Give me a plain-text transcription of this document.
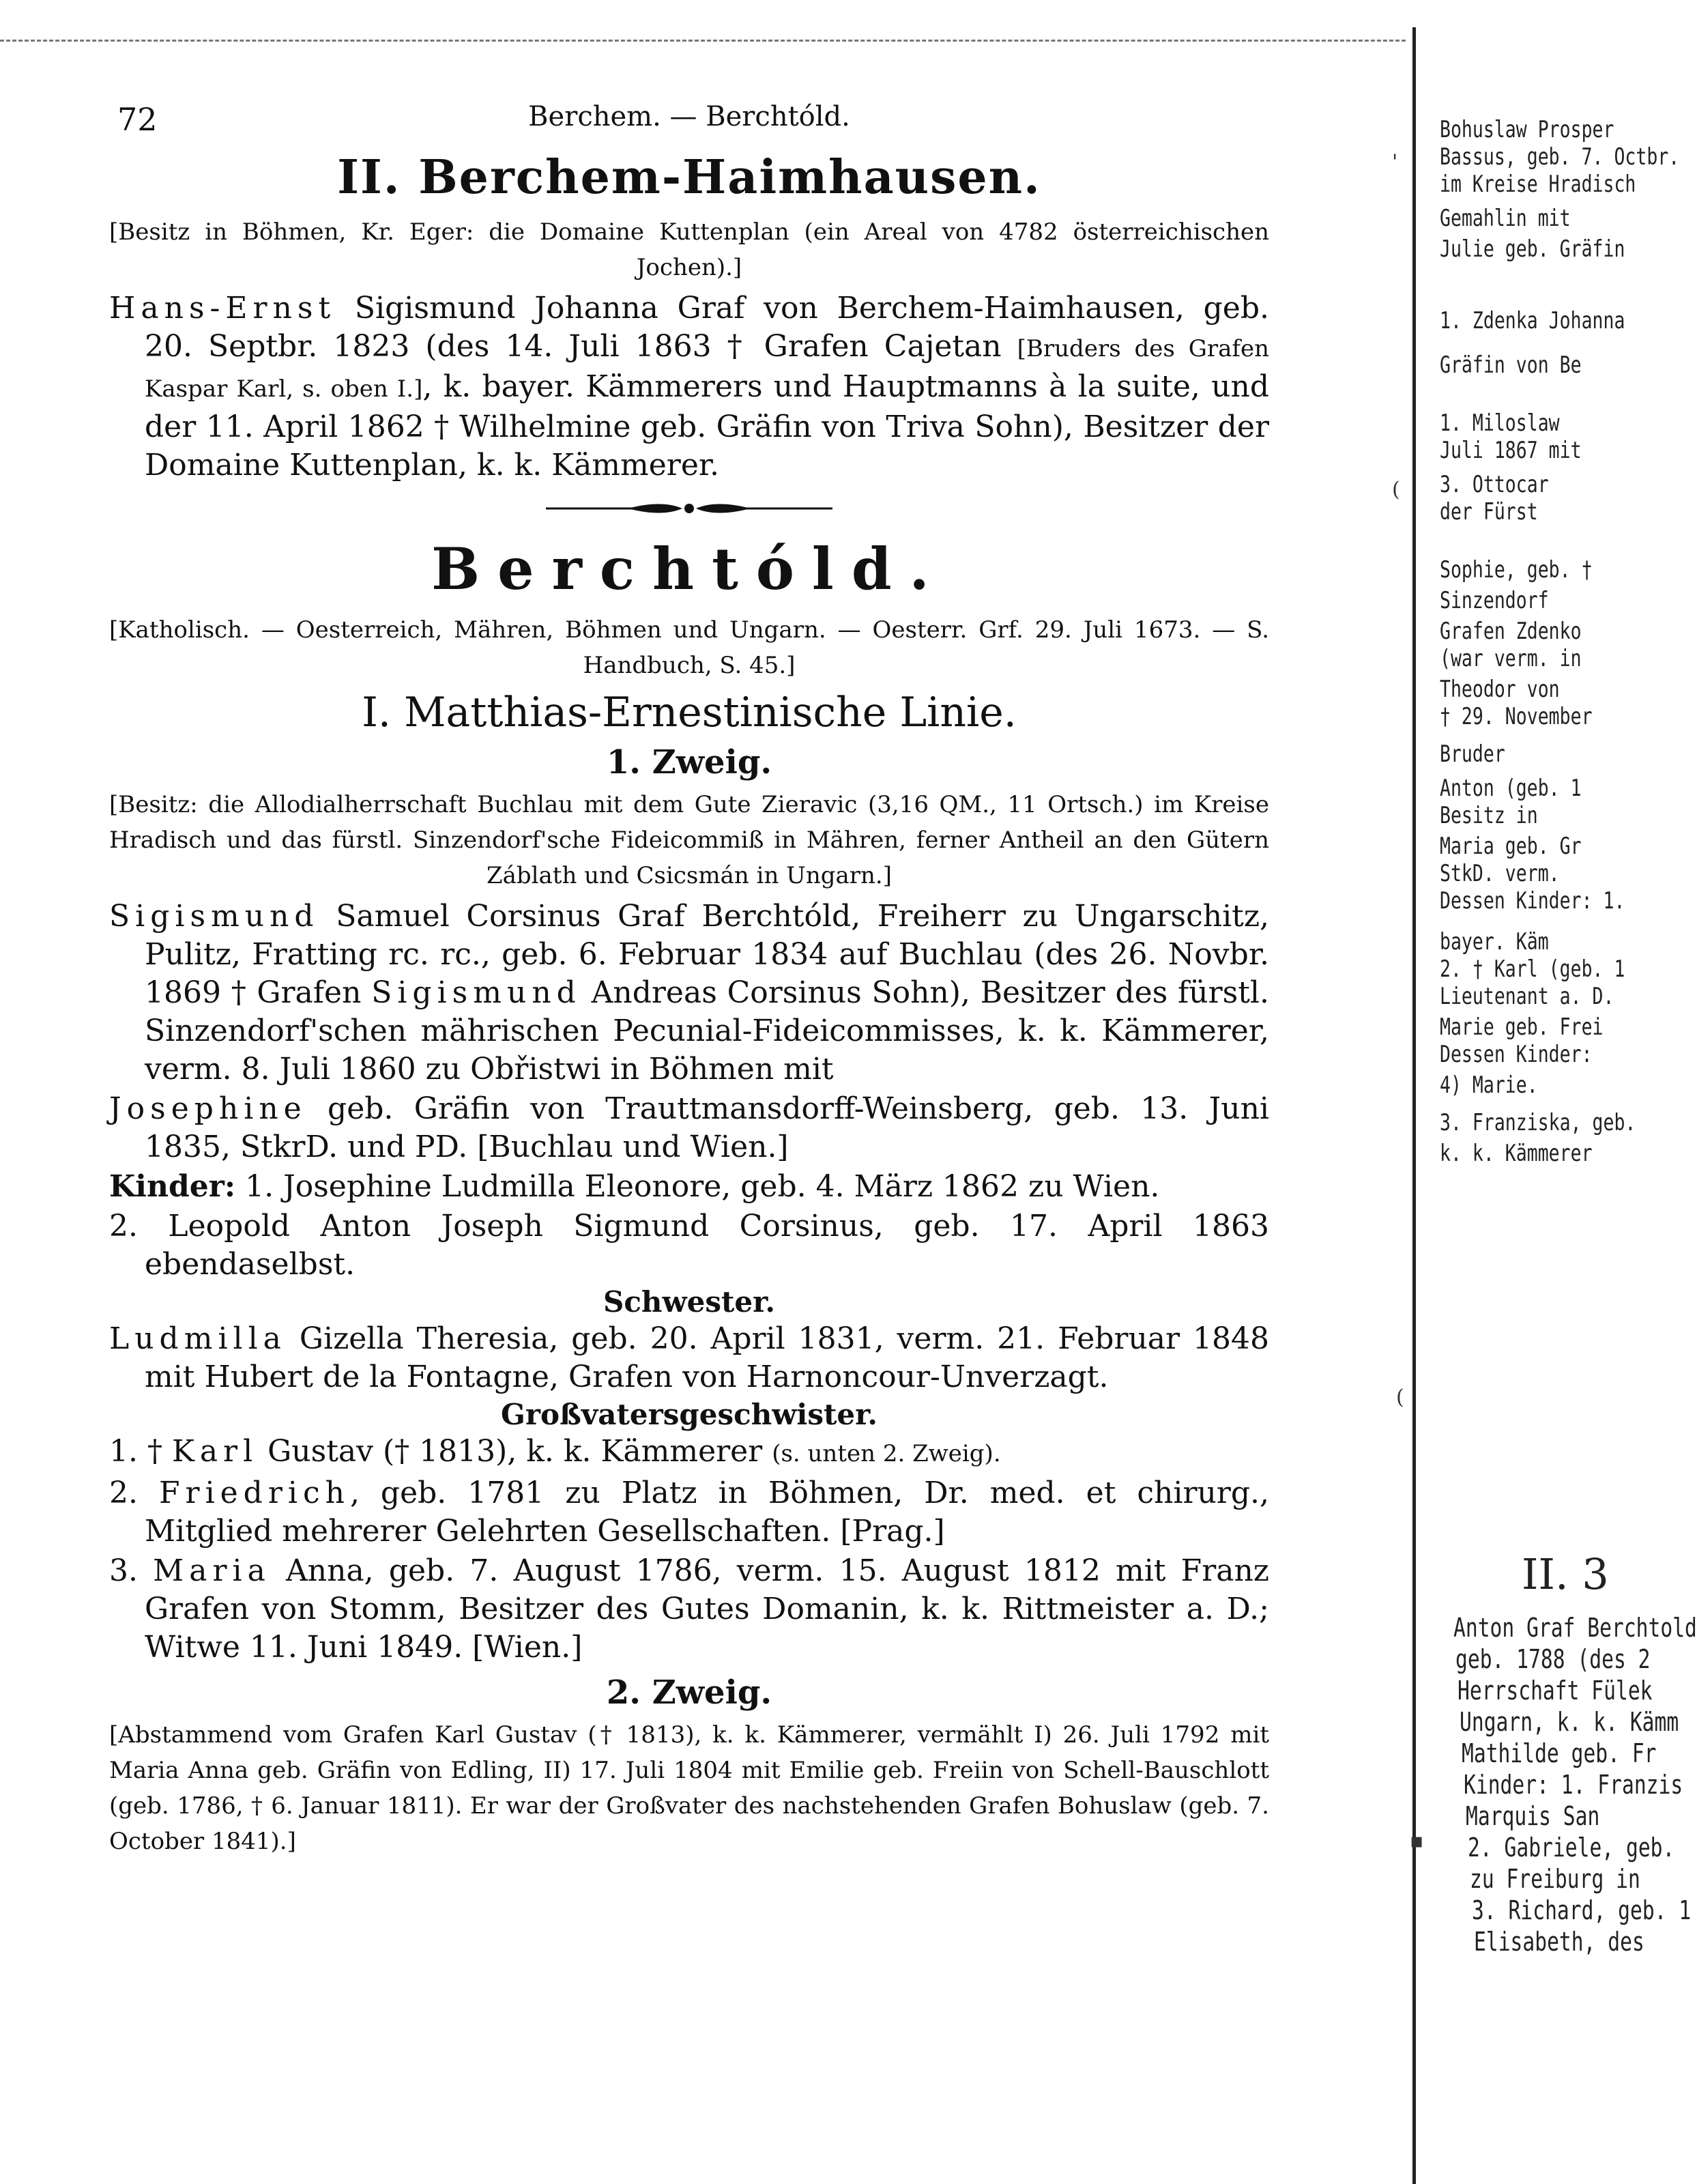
72	Berchem. — Berchtóld.
II. Berchem-Haimhausen.

[Besitz in Böhmen, Kr. Eger: die Domaine Kuttenplan (ein Areal von 4782 österreichischen Jochen).]

Hans-Ernst Sigismund Johanna Graf von Berchem-Haimhausen, geb. 20. Septbr. 1823 (des 14. Juli 1863 † Grafen Cajetan [Bruders des Grafen Kaspar Karl, s. oben I.], k. bayer. Kämmerers und Hauptmanns à la suite, und der 11. April 1862 † Wilhelmine geb. Gräfin von Triva Sohn), Besitzer der Domaine Kuttenplan, k. k. Kämmerer.

Berchtóld.

[Katholisch. — Oesterreich, Mähren, Böhmen und Ungarn. — Oesterr. Grf. 29. Juli 1673. — S. Handbuch, S. 45.]

I. Matthias-Ernestinische Linie.
1. Zweig.

[Besitz: die Allodialherrschaft Buchlau mit dem Gute Zieravic (3,16 QM., 11 Ortsch.) im Kreise Hradisch und das fürstl. Sinzendorf'sche Fideicommiß in Mähren, ferner Antheil an den Gütern Záblath und Csicsmán in Ungarn.]

Sigismund Samuel Corsinus Graf Berchtóld, Freiherr zu Ungarschitz, Pulitz, Fratting rc. rc., geb. 6. Februar 1834 auf Buchlau (des 26. Novbr. 1869 † Grafen Sigismund Andreas Corsinus Sohn), Besitzer des fürstl. Sinzendorf'schen mährischen Pecunial-Fideicommisses, k. k. Kämmerer, verm. 8. Juli 1860 zu Obřistwi in Böhmen mit

Josephine geb. Gräfin von Trauttmansdorff-Weinsberg, geb. 13. Juni 1835, StkrD. und PD. [Buchlau und Wien.]

Kinder: 1. Josephine Ludmilla Eleonore, geb. 4. März 1862 zu Wien.

2. Leopold Anton Joseph Sigmund Corsinus, geb. 17. April 1863 ebendaselbst.

Schwester.

Ludmilla Gizella Theresia, geb. 20. April 1831, verm. 21. Februar 1848 mit Hubert de la Fontagne, Grafen von Harnoncour-Unverzagt.

Großvatersgeschwister.

1. † Karl Gustav († 1813), k. k. Kämmerer (s. unten 2. Zweig).

2. Friedrich, geb. 1781 zu Platz in Böhmen, Dr. med. et chirurg., Mitglied mehrerer Gelehrten Gesellschaften. [Prag.]

3. Maria Anna, geb. 7. August 1786, verm. 15. August 1812 mit Franz Grafen von Stomm, Besitzer des Gutes Domanin, k. k. Rittmeister a. D.; Witwe 11. Juni 1849. [Wien.]

2. Zweig.

[Abstammend vom Grafen Karl Gustav († 1813), k. k. Kämmerer, vermählt I) 26. Juli 1792 mit Maria Anna geb. Gräfin von Edling, II) 17. Juli 1804 mit Emilie geb. Freiin von Schell-Bauschlott (geb. 1786, † 6. Januar 1811). Er war der Großvater des nachstehenden Grafen Bohuslaw (geb. 7. October 1841).]

Bohuslaw Prosper
Bassus, geb. 7. Octbr.
im Kreise Hradisch
Gemahlin mit
Julie geb. Gräfin
1. Zdenka Johanna
Gräfin von Be
1. Miloslaw
Juli 1867 mit
3. Ottocar
der Fürst
Sophie, geb. †
Sinzendorf
Grafen Zdenko
(war verm. in
Theodor von
† 29. November
Bruder
Anton (geb. 1
Besitz in
Maria geb. Gr
StkD. verm.
Dessen Kinder: 1.
bayer. Käm
2. † Karl (geb. 1
Lieutenant a. D.
Marie geb. Frei
Dessen Kinder:
4) Marie.
3. Franziska, geb.
k. k. Kämmerer
II. 3
Anton Graf Berchtold
geb. 1788 (des 2
Herrschaft Fülek
Ungarn, k. k. Kämm
Mathilde geb. Fr
Kinder: 1. Franzis
Marquis San
2. Gabriele, geb.
zu Freiburg in
3. Richard, geb. 1
Elisabeth, des
'
(
(
▪
